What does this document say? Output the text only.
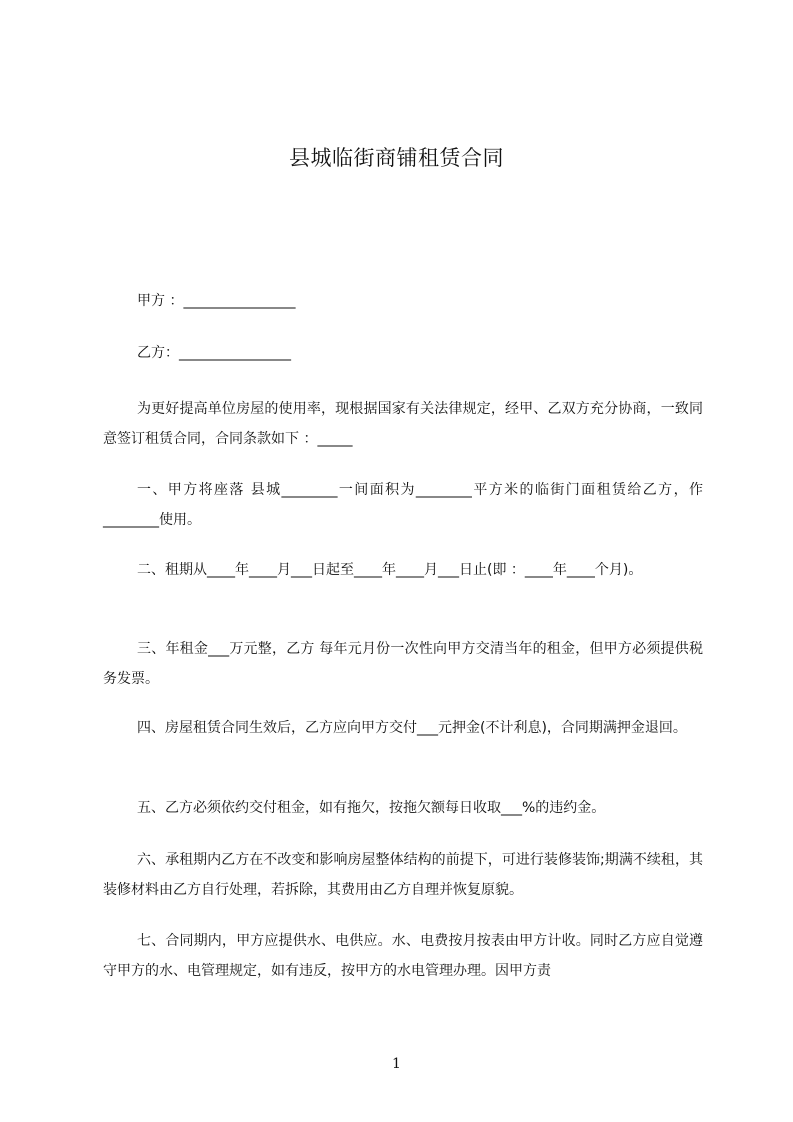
县城临街商铺租赁合同
甲方 ：________________
乙方：________________
为更好提高单位房屋的使用率，现根据国家有关法律规定，经甲、乙双方充分协商，一致同意签订租赁合同，合同条款如下 ：_____
一、甲方将座落 县城________一间面积为________平方米的临街门面租赁给乙方，作________使用。
二、租期从____年____月___日起至____年____月___日止(即 ：____年____个月)。
三、年租金___万元整，乙方 每年元月份一次性向甲方交清当年的租金，但甲方必须提供税务发票。
四、房屋租赁合同生效后，乙方应向甲方交付___元押金(不计利息)，合同期满押金退回。
五、乙方必须依约交付租金，如有拖欠，按拖欠额每日收取___%的违约金。
六、承租期内乙方在不改变和影响房屋整体结构的前提下，可进行装修装饰;期满不续租，其装修材料由乙方自行处理，若拆除，其费用由乙方自理并恢复原貌。
七、合同期内，甲方应提供水、电供应。水、电费按月按表由甲方计收。同时乙方应自觉遵守甲方的水、电管理规定，如有违反，按甲方的水电管理办理。因甲方责
1
